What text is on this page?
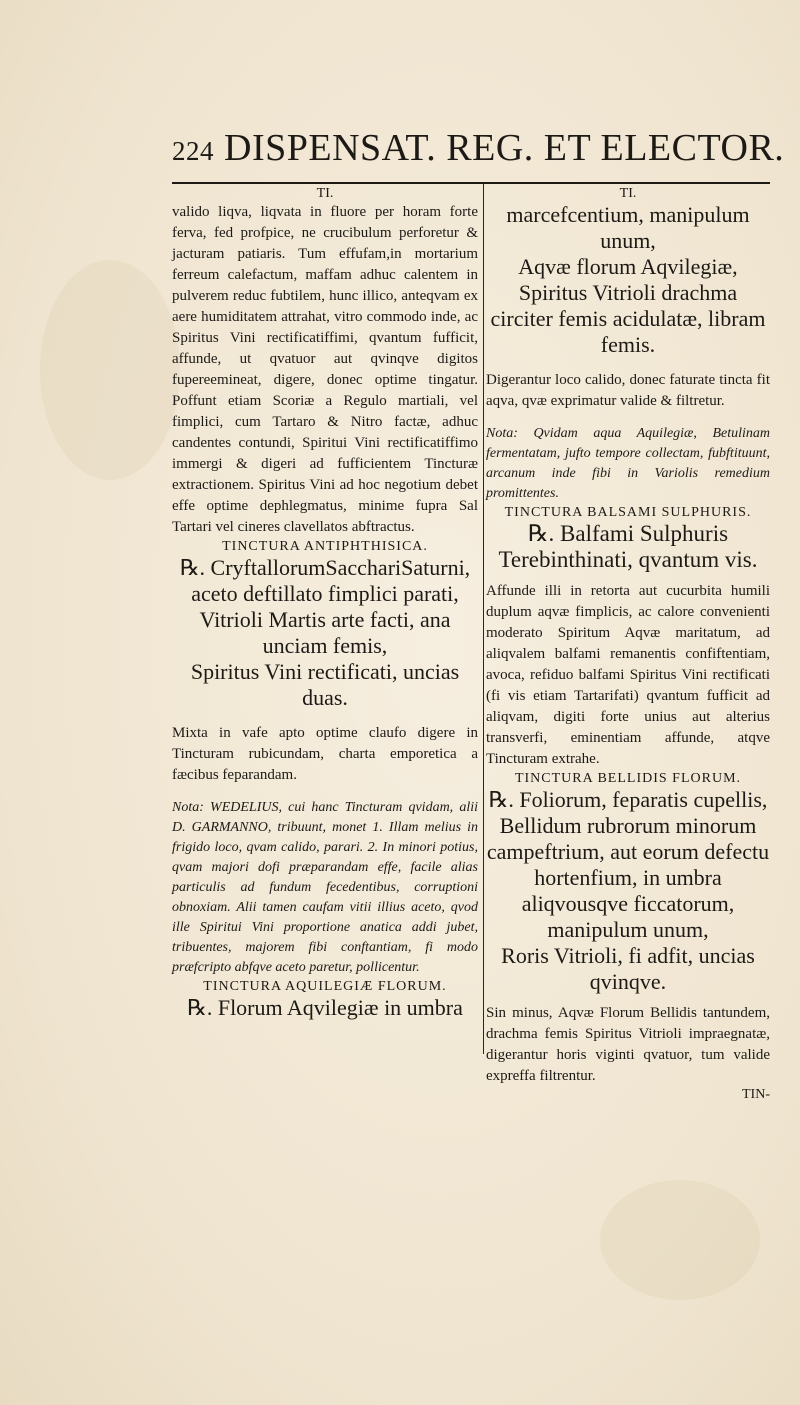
224 DISPENSAT. REG. ET ELECTOR.

TI.

valido liqva, liqvata in fluore per horam forte ferva, fed profpice, ne crucibulum perforetur & jacturam patiaris. Tum effufam,in mortarium ferreum calefactum, maffam adhuc calentem in pulverem reduc fubtilem, hunc illico, anteqvam ex aere humiditatem attrahat, vitro commodo inde, ac Spiritus Vini rectificatiffimi, qvantum fufficit, affunde, ut qvatuor aut qvinqve digitos fupereemineat, digere, donec optime tingatur. Poffunt etiam Scoriæ a Regulo martiali, vel fimplici, cum Tartaro & Nitro factæ, adhuc candentes contundi, Spiritui Vini rectificatiffimo immergi & digeri ad fufficientem Tincturæ extractionem. Spiritus Vini ad hoc negotium debet effe optime dephlegmatus, minime fupra Sal Tartari vel cineres clavellatos abftractus.

TINCTURA ANTIPHTHISICA.

℞. CryftallorumSacchariSaturni, aceto deftillato fimplici parati,

Vitrioli Martis arte facti, ana unciam femis,

Spiritus Vini rectificati, uncias duas.

Mixta in vafe apto optime claufo digere in Tincturam rubicundam, charta emporetica a fæcibus feparandam.

Nota: WEDELIUS, cui hanc Tincturam qvidam, alii D. GARMANNO, tribuunt, monet 1. Illam melius in frigido loco, qvam calido, parari. 2. In minori potius, qvam majori dofi præparandam effe, facile alias particulis ad fundum fecedentibus, corruptioni obnoxiam. Alii tamen caufam vitii illius aceto, qvod ille Spiritui Vini proportione anatica addi jubet, tribuentes, majorem fibi conftantiam, fi modo præfcripto abfqve aceto paretur, pollicentur.

TINCTURA AQUILEGIÆ FLORUM.

℞. Florum Aqvilegiæ in umbra

TI.

marcefcentium, manipulum unum,

Aqvæ florum Aqvilegiæ, Spiritus Vitrioli drachma circiter femis acidulatæ, libram femis.

Digerantur loco calido, donec faturate tincta fit aqva, qvæ exprimatur valide & filtretur.

Nota: Qvidam aqua Aquilegiæ, Betulinam fermentatam, jufto tempore collectam, fubftituunt, arcanum inde fibi in Variolis remedium promittentes.

TINCTURA BALSAMI SULPHURIS.

℞. Balfami Sulphuris Terebinthinati, qvantum vis.

Affunde illi in retorta aut cucurbita humili duplum aqvæ fimplicis, ac calore convenienti moderato Spiritum Aqvæ maritatum, ad aliqvalem balfami remanentis confiftentiam, avoca, refiduo balfami Spiritus Vini rectificati (fi vis etiam Tartarifati) qvantum fufficit ad aliqvam, digiti forte unius aut alterius transverfi, eminentiam affunde, atqve Tincturam extrahe.

TINCTURA BELLIDIS FLORUM.

℞. Foliorum, feparatis cupellis, Bellidum rubrorum minorum campeftrium, aut eorum defectu hortenfium, in umbra aliqvousqve ficcatorum, manipulum unum,

Roris Vitrioli, fi adfit, uncias qvinqve.

Sin minus, Aqvæ Florum Bellidis tantundem, drachma femis Spiritus Vitrioli impraegnatæ, digerantur horis viginti qvatuor, tum valide expreffa filtrentur.

TIN-
